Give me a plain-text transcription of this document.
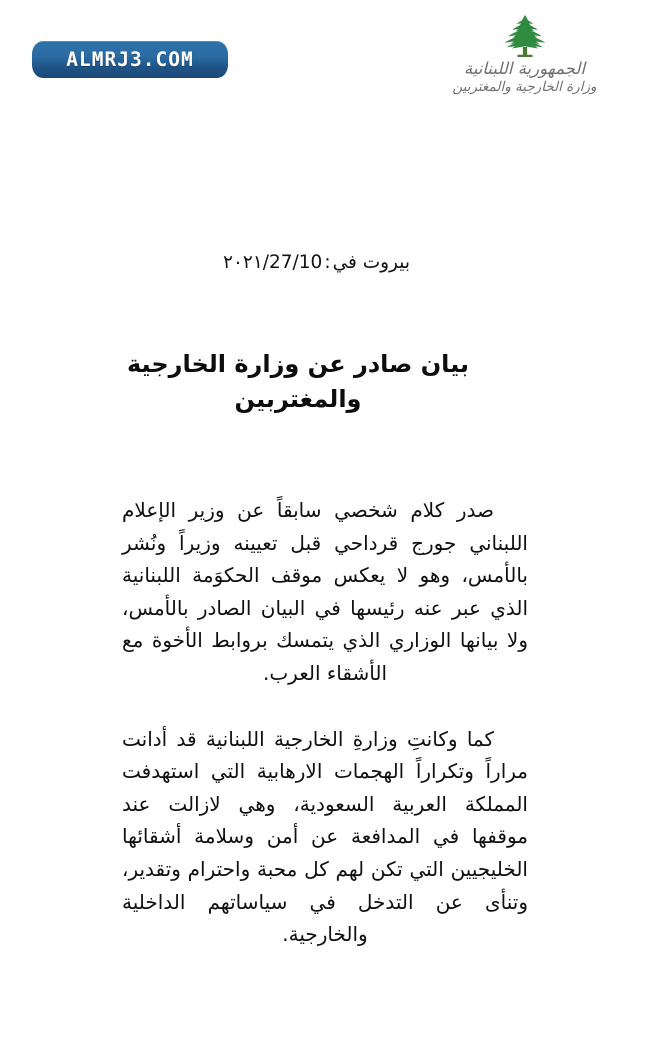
ALMRJ3.COM	الجمهورية اللبنانية
وزارة الخارجية والمغتربين
بيروت في:27/10/٢٠٢١
بيان صادر عن وزارة الخارجية
والمغتربين

صدر كلام شخصي سابقاً عن وزير الإعلام اللبناني جورج قرداحي قبل تعيينه وزيراً ونُشر بالأمس، وهو لا يعكس موقف الحكوَمة اللبنانية الذي عبر عنه رئيسها في البيان الصادر بالأمس، ولا بيانها الوزاري الذي يتمسك بروابط الأخوة مع الأشقاء العرب.

كما وكانتِ وزارةِ الخارجية اللبنانية قد أدانت مراراً وتكراراً الهجمات الارهابية التي استهدفت المملكة العربية السعودية، وهي لازالت عند موقفها في المدافعة عن أمن وسلامة أشقائها الخليجيين التي تكن لهم كل محبة واحترام وتقدير، وتنأى عن التدخل في سياساتهم الداخلية والخارجية.
